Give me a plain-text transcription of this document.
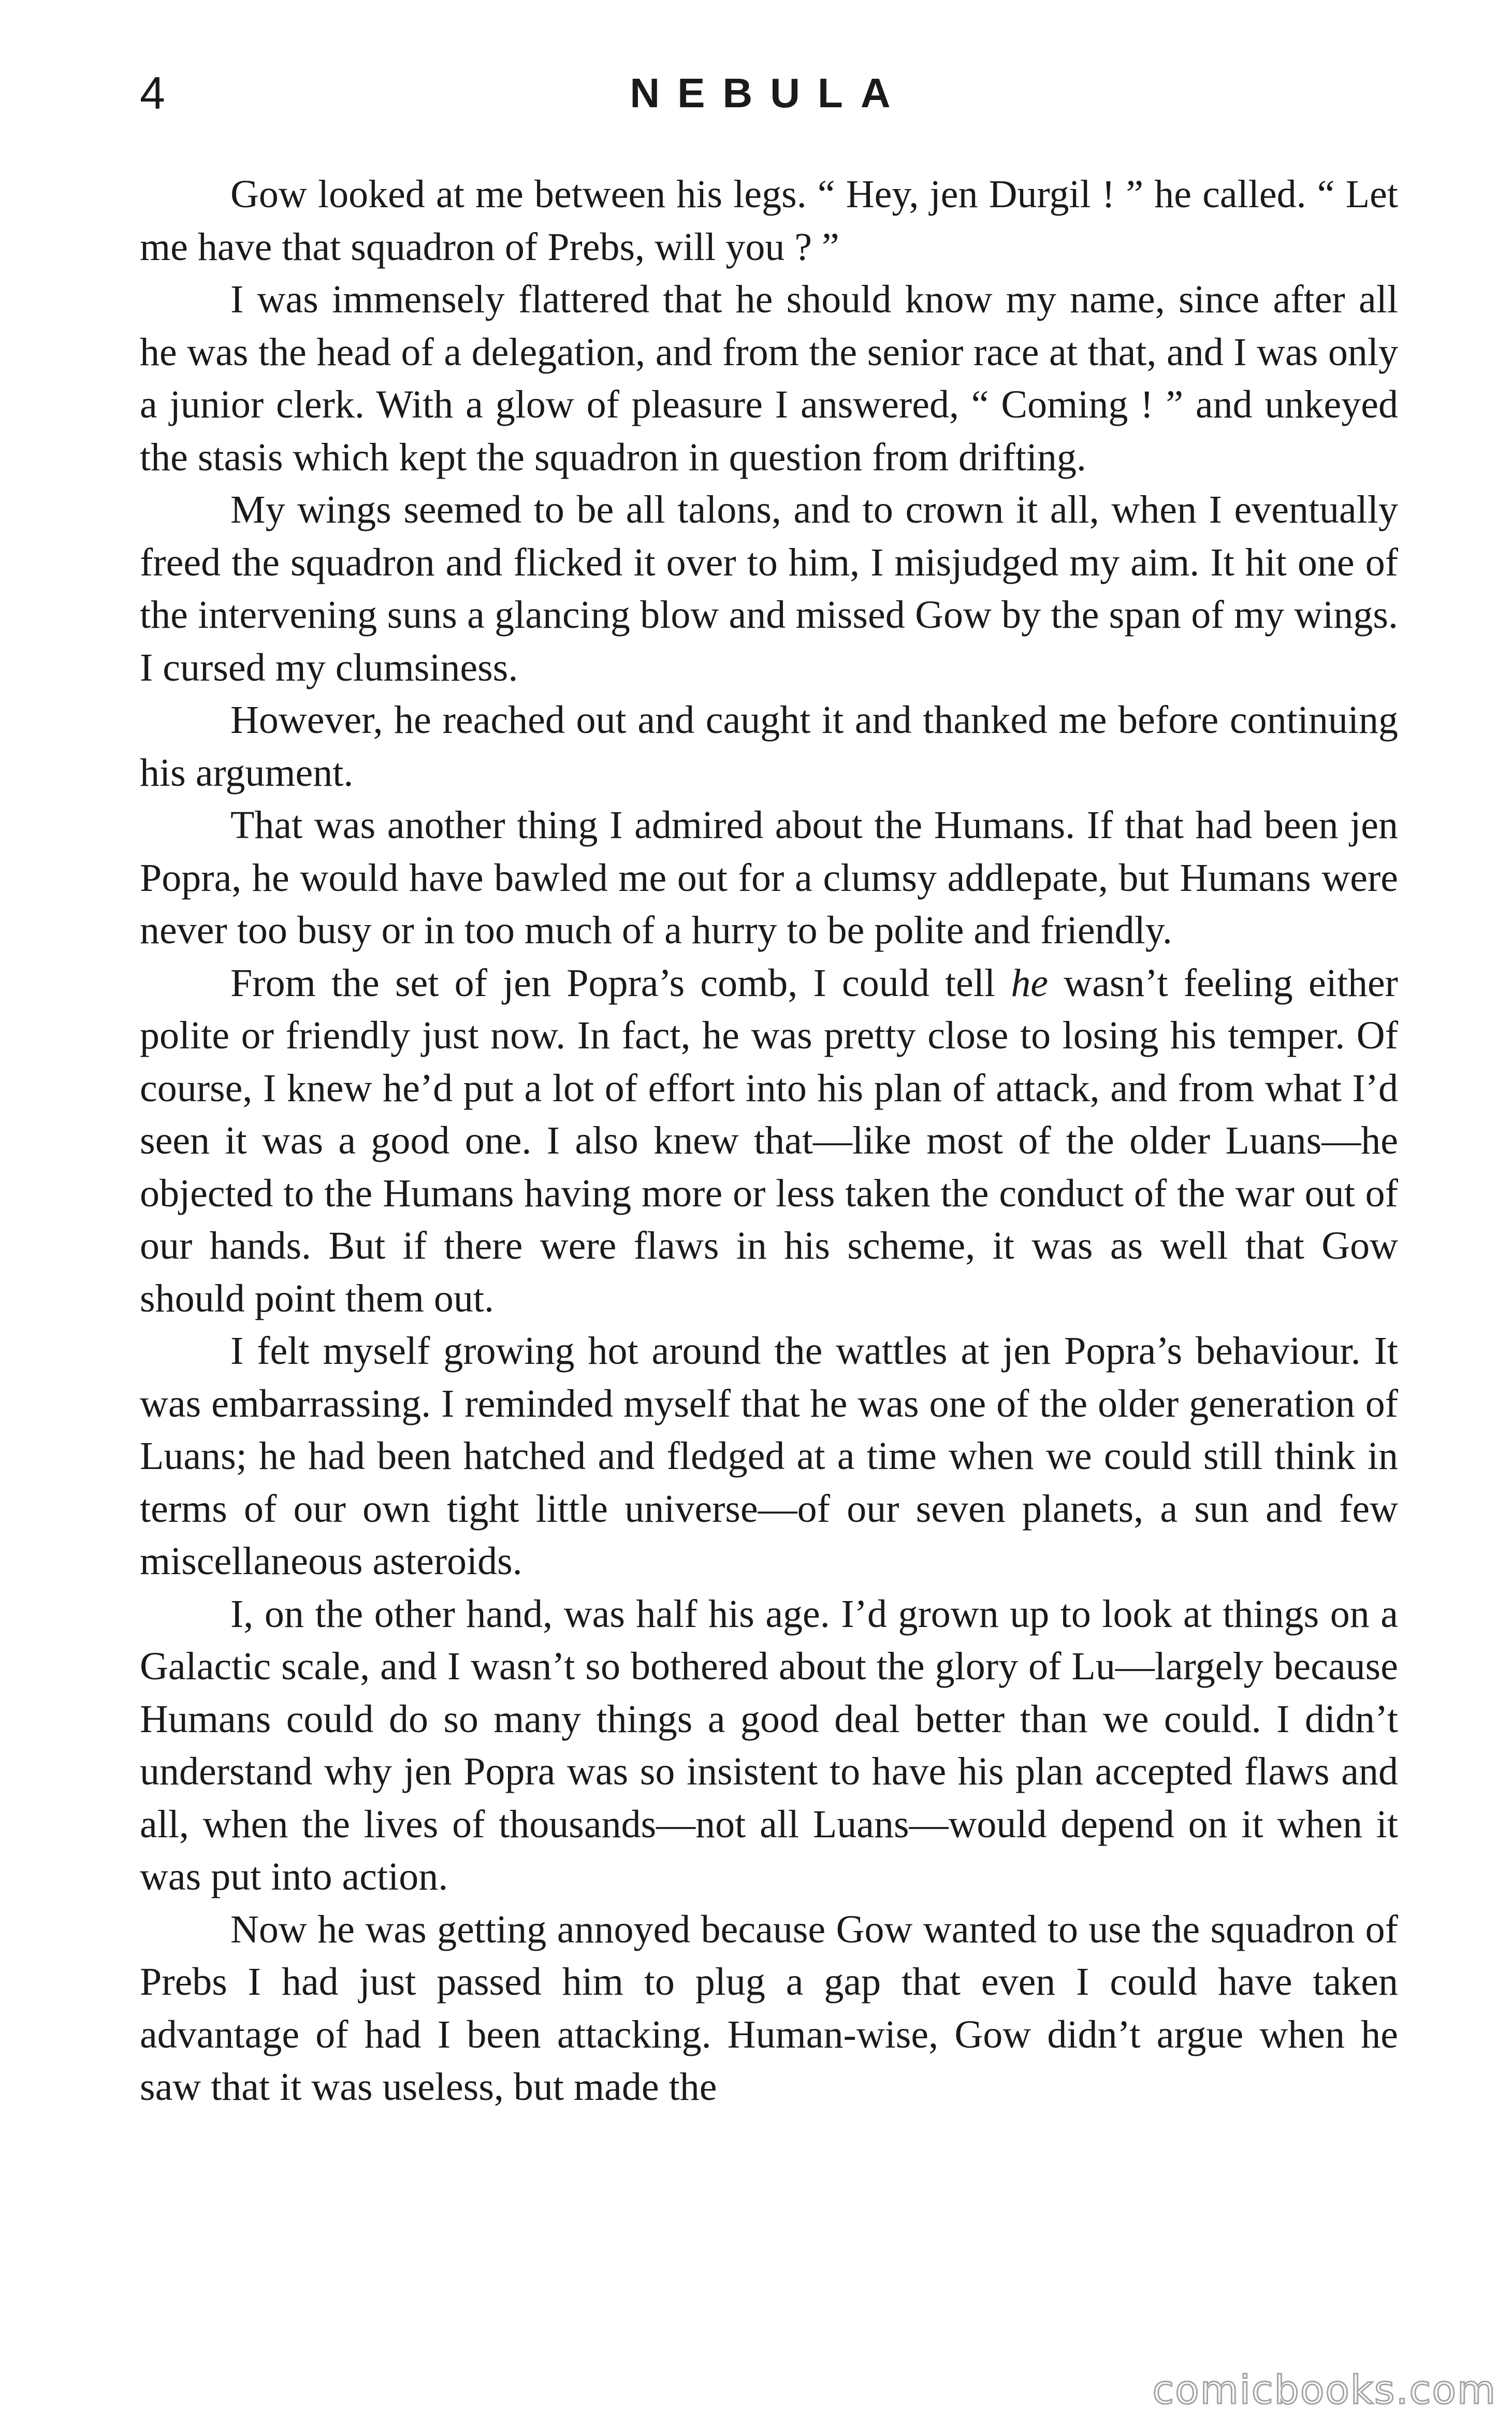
4	NEBULA

Gow looked at me between his legs. “ Hey, jen Durgil ! ” he called. “ Let me have that squadron of Prebs, will you ? ”

I was immensely flattered that he should know my name, since after all he was the head of a delegation, and from the senior race at that, and I was only a junior clerk. With a glow of pleasure I answered, “ Coming ! ” and unkeyed the stasis which kept the squadron in question from drifting.

My wings seemed to be all talons, and to crown it all, when I eventually freed the squadron and flicked it over to him, I misjudged my aim. It hit one of the intervening suns a glancing blow and missed Gow by the span of my wings. I cursed my clumsiness.

However, he reached out and caught it and thanked me before continuing his argument.

That was another thing I admired about the Humans. If that had been jen Popra, he would have bawled me out for a clumsy addlepate, but Humans were never too busy or in too much of a hurry to be polite and friendly.

From the set of jen Popra’s comb, I could tell he wasn’t feeling either polite or friendly just now. In fact, he was pretty close to losing his temper. Of course, I knew he’d put a lot of effort into his plan of attack, and from what I’d seen it was a good one. I also knew that—like most of the older Luans—he objected to the Humans having more or less taken the conduct of the war out of our hands. But if there were flaws in his scheme, it was as well that Gow should point them out.

I felt myself growing hot around the wattles at jen Popra’s behaviour. It was embarrassing. I reminded myself that he was one of the older generation of Luans; he had been hatched and fledged at a time when we could still think in terms of our own tight little universe—of our seven planets, a sun and few miscellaneous asteroids.

I, on the other hand, was half his age. I’d grown up to look at things on a Galactic scale, and I wasn’t so bothered about the glory of Lu—largely because Humans could do so many things a good deal better than we could. I didn’t understand why jen Popra was so insistent to have his plan accepted flaws and all, when the lives of thousands—not all Luans—would depend on it when it was put into action.

Now he was getting annoyed because Gow wanted to use the squadron of Prebs I had just passed him to plug a gap that even I could have taken advantage of had I been attacking. Human-wise, Gow didn’t argue when he saw that it was useless, but made the

comicbooks.com
